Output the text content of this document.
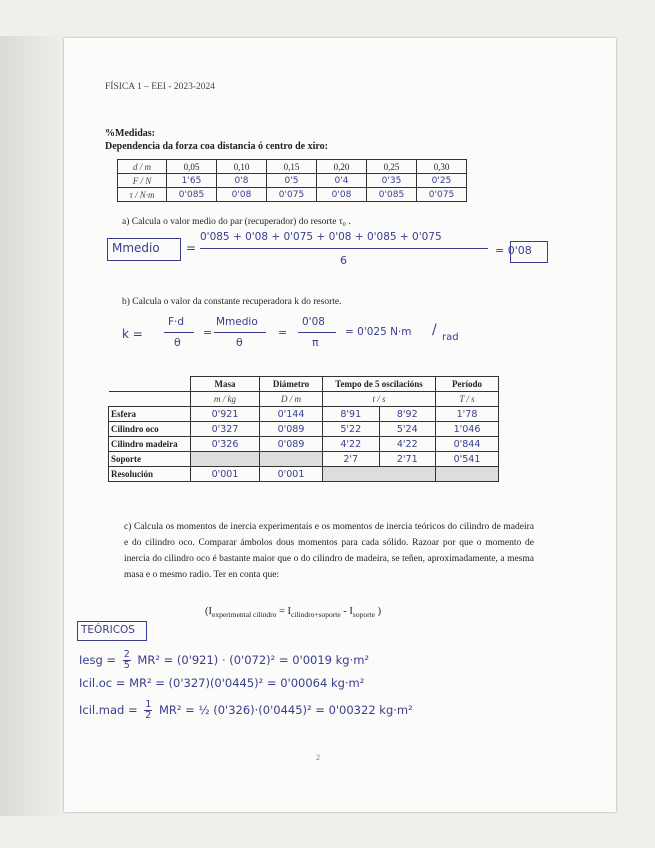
FÍSICA 1 – EEI - 2023-2024
%Medidas:
Dependencia da forza coa distancia ó centro de xiro:
d / m	0,05	0,10	0,15	0,20	0,25	0,30
F / N	1'65	0'8	0'5	0'4	0'35	0'25
τ / N·m	0'085	0'08	0'075	0'08	0'085	0'075
a) Calcula o valor medio do par (recuperador) do resorte τ₀ .
Mmedio =
0'085 + 0'08 + 0'075 + 0'08 + 0'085 + 0'075
6
= 0'08
b) Calcula o valor da constante recuperadora k do resorte.
k =
F·d
θ
=
Mmedio
θ
=
0'08
π
= 0'025 N·m / rad
	Masa	Diámetro	Tempo de 5 oscilacións		Período
	m / kg	D / m	t / s		T / s
Esfera	0'921	0'144	8'91	8'92	1'78
Cilindro oco	0'327	0'089	5'22	5'24	1'046
Cilindro madeira	0'326	0'089	4'22	4'22	0'844
Soporte			2'7	2'71	0'541
Resolución	0'001	0'001			
c) Calcula os momentos de inercia experimentais e os momentos de inercia teóricos do cilindro de madeira e do cilindro oco. Comparar ámbolos dous momentos para cada sólido. Razoar por que o momento de inercia do cilindro oco é bastante maior que o do cilindro de madeira, se teñen, aproximadamente, a mesma masa e o mesmo radio. Ter en conta que:
($I_{experimental cilindro} = I_{cilindro+soporte} - I_{soporte}$ )
TEÓRICOS
Iesg = $\frac{2}{5} MR^2 = (0'921) \cdot (0'072)^2 = 0'0019$ kg·m²
Icil.oc = MR² = (0'327)(0'0445)² = 0'00064 kg·m²
Icil.mad = $\frac{1}{2} MR^2$ = ½ (0'326)·(0'0445)² = 0'00322 kg·m²
2
